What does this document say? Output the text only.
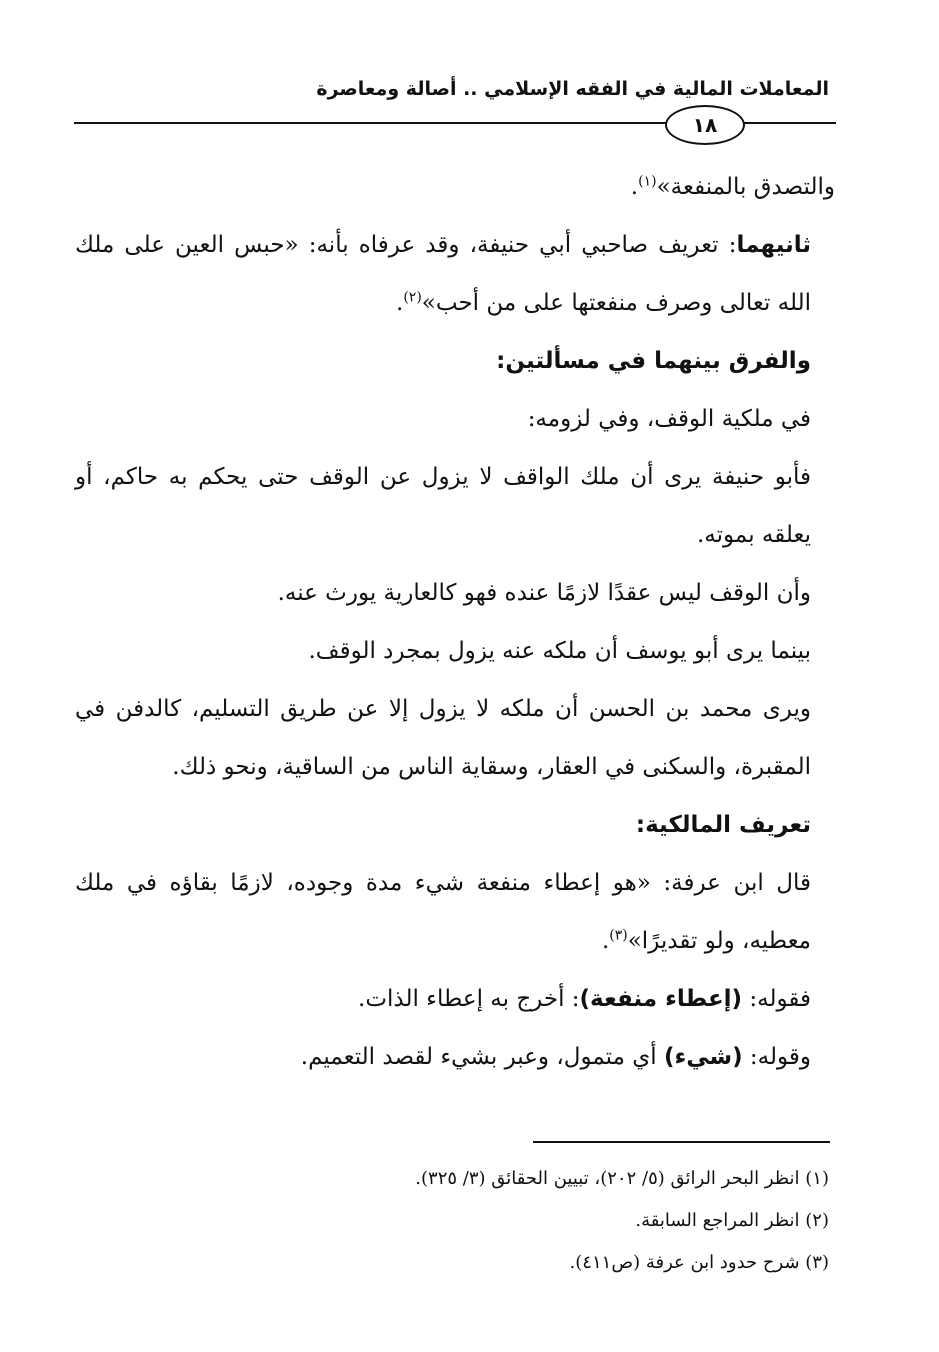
المعاملات المالية في الفقه الإسلامي .. أصالة ومعاصرة
١٨

والتصدق بالمنفعة»$^{(١)}$.

ثانيهما: تعريف صاحبي أبي حنيفة، وقد عرفاه بأنه: «حبس العين على ملك الله تعالى وصرف منفعتها على من أحب»$^{(٢)}$.

والفرق بينهما في مسألتين:

في ملكية الوقف، وفي لزومه:

فأبو حنيفة يرى أن ملك الواقف لا يزول عن الوقف حتى يحكم به حاكم، أو يعلقه بموته.

وأن الوقف ليس عقدًا لازمًا عنده فهو كالعارية يورث عنه.

بينما يرى أبو يوسف أن ملكه عنه يزول بمجرد الوقف.

ويرى محمد بن الحسن أن ملكه لا يزول إلا عن طريق التسليم، كالدفن في المقبرة، والسكنى في العقار، وسقاية الناس من الساقية، ونحو ذلك.

تعريف المالكية:

قال ابن عرفة: «هو إعطاء منفعة شيء مدة وجوده، لازمًا بقاؤه في ملك معطيه، ولو تقديرًا»$^{(٣)}$.

فقوله: (إعطاء منفعة): أخرج به إعطاء الذات.

وقوله: (شيء) أي متمول، وعبر بشيء لقصد التعميم.

(١) انظر البحر الرائق (٥/ ٢٠٢)، تبيين الحقائق (٣/ ٣٢٥).

(٢) انظر المراجع السابقة.

(٣) شرح حدود ابن عرفة (ص٤١١).
